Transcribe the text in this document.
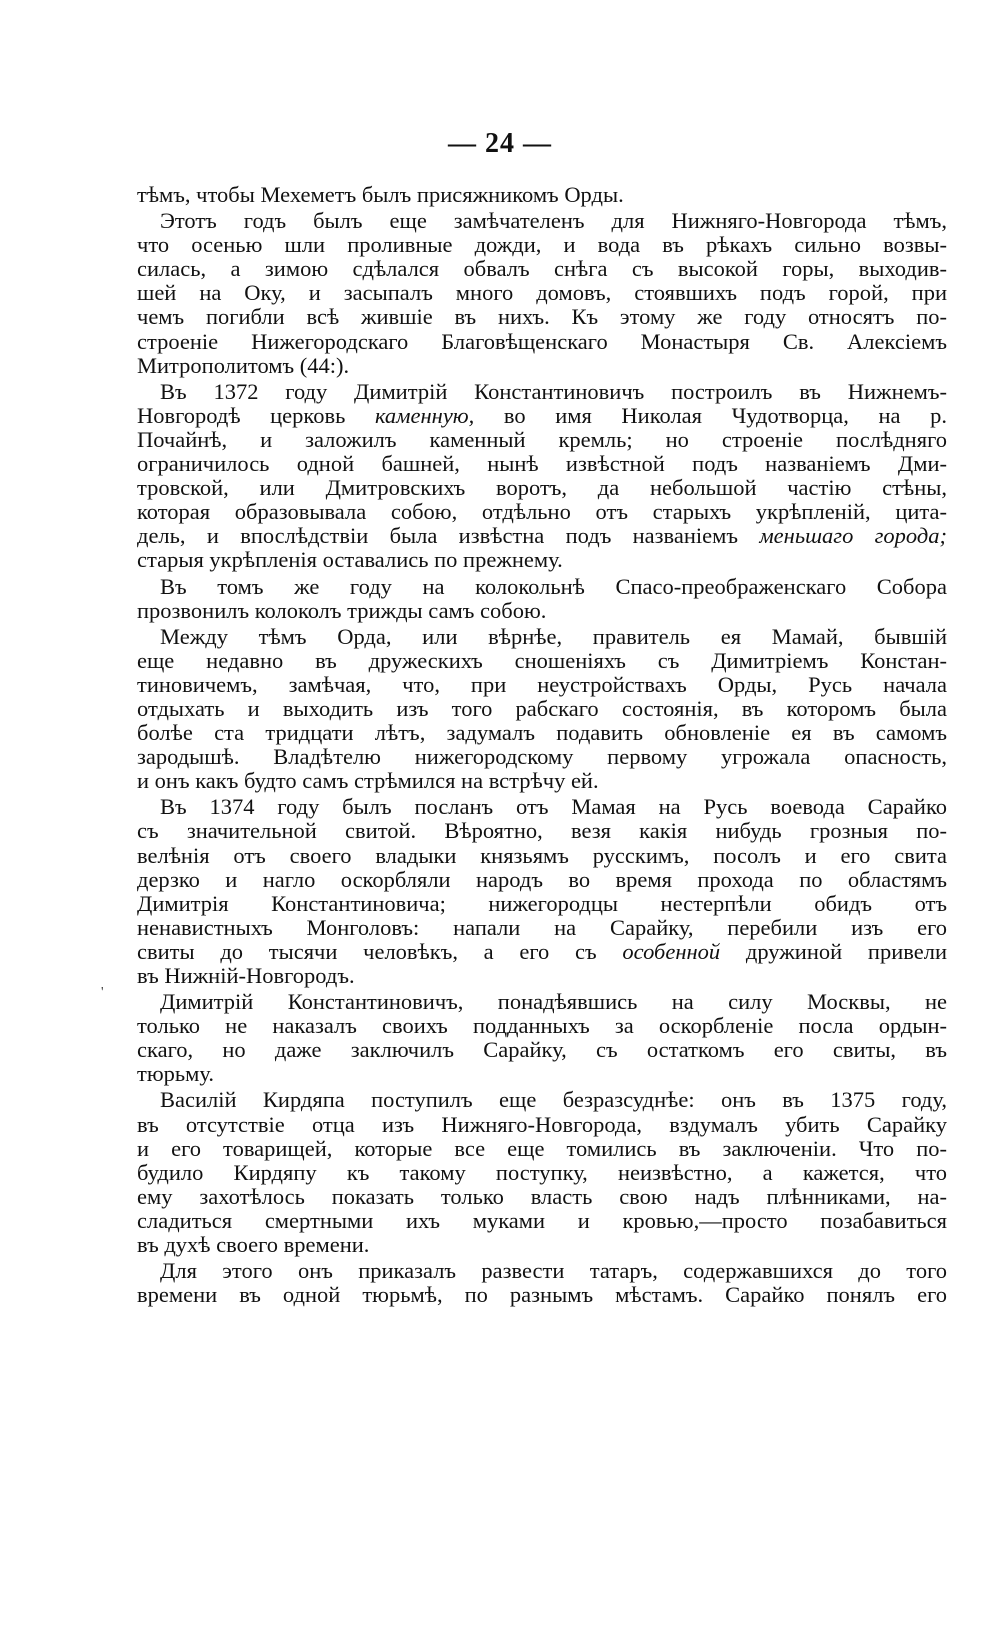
— 24 —
'
тѣмъ, чтобы Мехеметъ былъ присяжникомъ Орды.
Этотъ годъ былъ еще замѣчателенъ для Нижняго-Новгорода тѣмъ,
что осенью шли проливные дожди, и вода въ рѣкахъ сильно возвы-
силась, а зимою сдѣлался обвалъ снѣга съ высокой горы, выходив-
шей на Оку, и засыпалъ много домовъ, стоявшихъ подъ горой, при
чемъ погибли всѣ жившіе въ нихъ. Къ этому же году относятъ по-
строеніе Нижегородскаго Благовѣщенскаго Монастыря Св. Алексіемъ
Митрополитомъ (44:).
Въ 1372 году Димитрій Константиновичъ построилъ въ Нижнемъ-
Новгородѣ церковь каменную, во имя Николая Чудотворца, на р.
Почайнѣ, и заложилъ каменный кремль; но строеніе послѣдняго
ограничилось одной башней, нынѣ извѣстной подъ названіемъ Дми-
тровской, или Дмитровскихъ воротъ, да небольшой частію стѣны,
которая образовывала собою, отдѣльно отъ старыхъ укрѣпленій, цита-
дель, и впослѣдствіи была извѣстна подъ названіемъ меньшаго города;
старыя укрѣпленія оставались по прежнему.
Въ томъ же году на колокольнѣ Спасо-преображенскаго Собора
прозвонилъ колоколъ трижды самъ собою.
Между тѣмъ Орда, или вѣрнѣе, правитель ея Мамай, бывшій
еще недавно въ дружескихъ сношеніяхъ съ Димитріемъ Констан-
тиновичемъ, замѣчая, что, при неустройствахъ Орды, Русь начала
отдыхать и выходить изъ того рабскаго состоянія, въ которомъ была
болѣе ста тридцати лѣтъ, задумалъ подавить обновленіе ея въ самомъ
зародышѣ. Владѣтелю нижегородскому первому угрожала опасность,
и онъ какъ будто самъ стрѣмился на встрѣчу ей.
Въ 1374 году былъ посланъ отъ Мамая на Русь воевода Сарайко
съ значительной свитой. Вѣроятно, везя какія нибудь грозныя по-
велѣнія отъ своего владыки князьямъ русскимъ, посолъ и его свита
дерзко и нагло оскорбляли народъ во время прохода по областямъ
Димитрія Константиновича; нижегородцы нестерпѣли обидъ отъ
ненавистныхъ Монголовъ: напали на Сарайку, перебили изъ его
свиты до тысячи человѣкъ, а его съ особенной дружиной привели
въ Нижній-Новгородъ.
Димитрій Константиновичъ, понадѣявшись на силу Москвы, не
только не наказалъ своихъ подданныхъ за оскорбленіе посла ордын-
скаго, но даже заключилъ Сарайку, съ остаткомъ его свиты, въ
тюрьму.
Василій Кирдяпа поступилъ еще безразсуднѣе: онъ въ 1375 году,
въ отсутствіе отца изъ Нижняго-Новгорода, вздумалъ убить Сарайку
и его товарищей, которые все еще томились въ заключеніи. Что по-
будило Кирдяпу къ такому поступку, неизвѣстно, а кажется, что
ему захотѣлось показать только власть свою надъ плѣнниками, на-
сладиться смертными ихъ муками и кровью,—просто позабавиться
въ духѣ своего времени.
Для этого онъ приказалъ развести татаръ, содержавшихся до того
времени въ одной тюрьмѣ, по разнымъ мѣстамъ. Сарайко понялъ его
